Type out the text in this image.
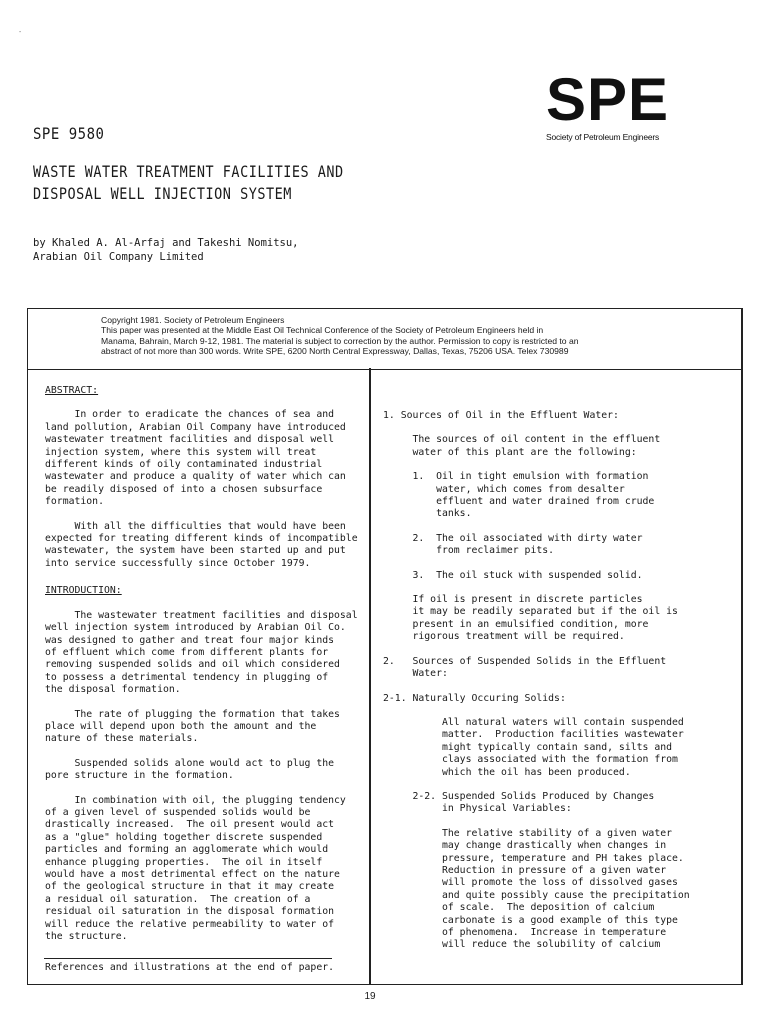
-
SPE
Society of Petroleum Engineers
SPE 9580
WASTE WATER TREATMENT FACILITIES AND
DISPOSAL WELL INJECTION SYSTEM
by Khaled A. Al-Arfaj and Takeshi Nomitsu,
Arabian Oil Company Limited
Copyright 1981. Society of Petroleum Engineers
This paper was presented at the Middle East Oil Technical Conference of the Society of Petroleum Engineers held in
Manama, Bahrain, March 9-12, 1981. The material is subject to correction by the author. Permission to copy is restricted to an
abstract of not more than 300 words. Write SPE, 6200 North Central Expressway, Dallas, Texas, 75206 USA. Telex 730989
ABSTRACT:
In order to eradicate the chances of sea and
land pollution, Arabian Oil Company have introduced
wastewater treatment facilities and disposal well
injection system, where this system will treat
different kinds of oily contaminated industrial
wastewater and produce a quality of water which can
be readily disposed of into a chosen subsurface
formation.
With all the difficulties that would have been
expected for treating different kinds of incompatible
wastewater, the system have been started up and put
into service successfully since October 1979.
INTRODUCTION:
The wastewater treatment facilities and disposal
well injection system introduced by Arabian Oil Co.
was designed to gather and treat four major kinds
of effluent which come from different plants for
removing suspended solids and oil which considered
to possess a detrimental tendency in plugging of
the disposal formation.
The rate of plugging the formation that takes
place will depend upon both the amount and the
nature of these materials.
Suspended solids alone would act to plug the
pore structure in the formation.
In combination with oil, the plugging tendency
of a given level of suspended solids would be
drastically increased.  The oil present would act
as a "glue" holding together discrete suspended
particles and forming an agglomerate which would
enhance plugging properties.  The oil in itself
would have a most detrimental effect on the nature
of the geological structure in that it may create
a residual oil saturation.  The creation of a
residual oil saturation in the disposal formation
will reduce the relative permeability to water of
the structure.
References and illustrations at the end of paper.
1. Sources of Oil in the Effluent Water:
The sources of oil content in the effluent
water of this plant are the following:
1.  Oil in tight emulsion with formation
water, which comes from desalter
effluent and water drained from crude
tanks.
2.  The oil associated with dirty water
from reclaimer pits.
3.  The oil stuck with suspended solid.
If oil is present in discrete particles
it may be readily separated but if the oil is
present in an emulsified condition, more
rigorous treatment will be required.
2.   Sources of Suspended Solids in the Effluent
Water:
2-1. Naturally Occuring Solids:
All natural waters will contain suspended
matter.  Production facilities wastewater
might typically contain sand, silts and
clays associated with the formation from
which the oil has been produced.
2-2. Suspended Solids Produced by Changes
in Physical Variables:
The relative stability of a given water
may change drastically when changes in
pressure, temperature and PH takes place.
Reduction in pressure of a given water
will promote the loss of dissolved gases
and quite possibly cause the precipitation
of scale.  The deposition of calcium
carbonate is a good example of this type
of phenomena.  Increase in temperature
will reduce the solubility of calcium
19
